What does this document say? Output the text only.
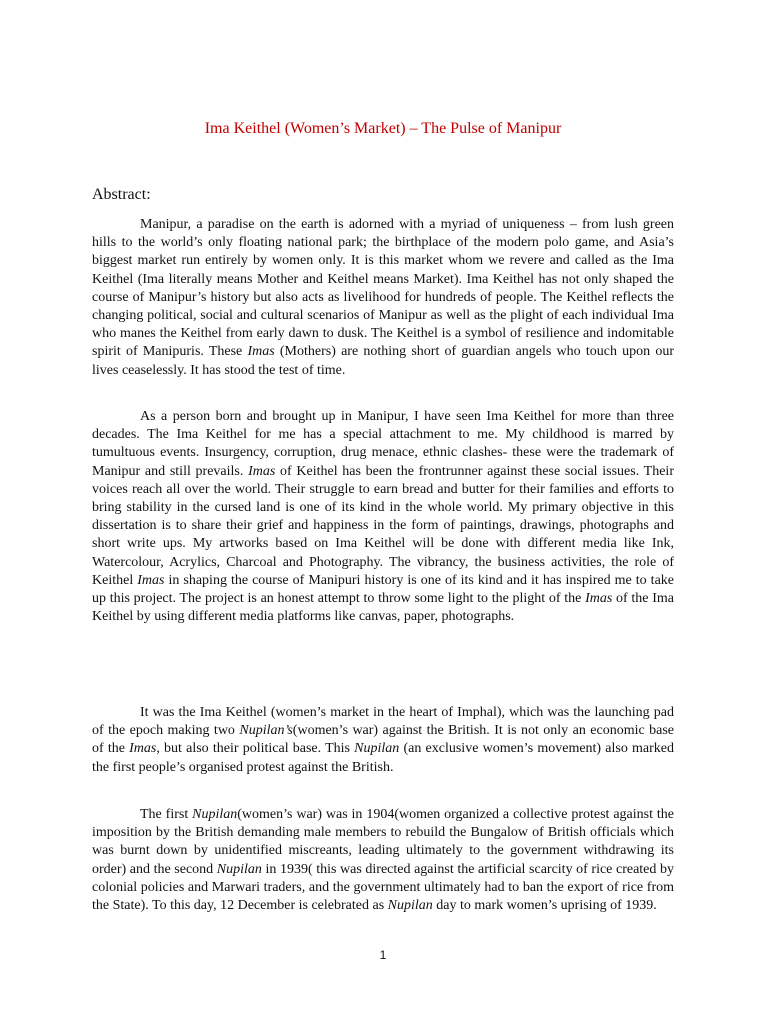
Ima Keithel (Women’s Market) – The Pulse of Manipur
Abstract:

Manipur, a paradise on the earth is adorned with a myriad of uniqueness – from lush green hills to the world’s only floating national park; the birthplace of the modern polo game, and Asia’s biggest market run entirely by women only. It is this market whom we revere and called as the Ima Keithel (Ima literally means Mother and Keithel means Market). Ima Keithel has not only shaped the course of Manipur’s history but also acts as livelihood for hundreds of people. The Keithel reflects the changing political, social and cultural scenarios of Manipur as well as the plight of each individual Ima who manes the Keithel from early dawn to dusk. The Keithel is a symbol of resilience and indomitable spirit of Manipuris. These Imas (Mothers) are nothing short of guardian angels who touch upon our lives ceaselessly. It has stood the test of time.

As a person born and brought up in Manipur, I have seen Ima Keithel for more than three decades. The Ima Keithel for me has a special attachment to me. My childhood is marred by tumultuous events. Insurgency, corruption, drug menace, ethnic clashes- these were the trademark of Manipur and still prevails. Imas of Keithel has been the frontrunner against these social issues. Their voices reach all over the world. Their struggle to earn bread and butter for their families and efforts to bring stability in the cursed land is one of its kind in the whole world. My primary objective in this dissertation is to share their grief and happiness in the form of paintings, drawings, photographs and short write ups. My artworks based on Ima Keithel will be done with different media like Ink, Watercolour, Acrylics, Charcoal and Photography. The vibrancy, the business activities, the role of Keithel Imas in shaping the course of Manipuri history is one of its kind and it has inspired me to take up this project. The project is an honest attempt to throw some light to the plight of the Imas of the Ima Keithel by using different media platforms like canvas, paper, photographs.

It was the Ima Keithel (women’s market in the heart of Imphal), which was the launching pad of the epoch making two Nupilan’s(women’s war) against the British. It is not only an economic base of the Imas, but also their political base. This Nupilan (an exclusive women’s movement) also marked the first people’s organised protest against the British.

The first Nupilan(women’s war) was in 1904(women organized a collective protest against the imposition by the British demanding male members to rebuild the Bungalow of British officials which was burnt down by unidentified miscreants, leading ultimately to the government withdrawing its order) and the second Nupilan in 1939( this was directed against the artificial scarcity of rice created by colonial policies and Marwari traders, and the government ultimately had to ban the export of rice from the State). To this day, 12 December is celebrated as Nupilan day to mark women’s uprising of 1939.

1
